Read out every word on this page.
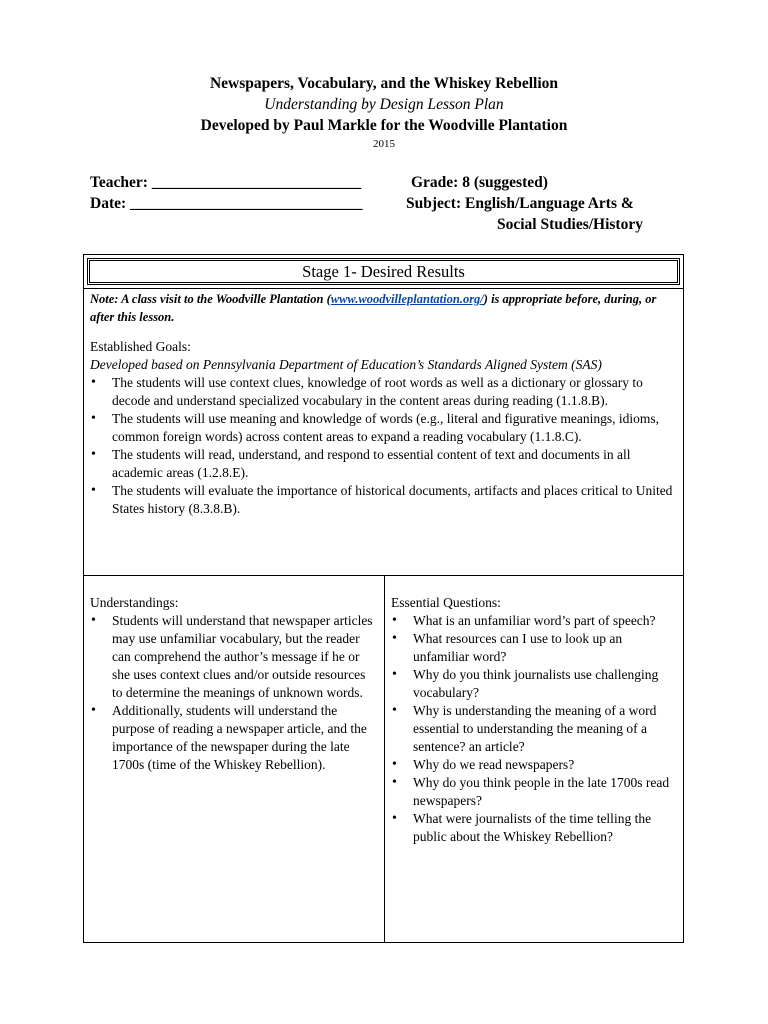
Newspapers, Vocabulary, and the Whiskey Rebellion
Understanding by Design Lesson Plan
Developed by Paul Markle for the Woodville Plantation
2015
Teacher: ___________________________
Date: ______________________________
Grade: 8 (suggested)
Subject: English/Language Arts &
Social Studies/History
Stage 1- Desired Results
Note: A class visit to the Woodville Plantation (www.woodvilleplantation.org/) is appropriate before, during, or after this lesson.
Established Goals:
Developed based on Pennsylvania Department of Education’s Standards Aligned System (SAS)
• The students will use context clues, knowledge of root words as well as a dictionary or glossary to decode and understand specialized vocabulary in the content areas during reading (1.1.8.B).
• The students will use meaning and knowledge of words (e.g., literal and figurative meanings, idioms, common foreign words) across content areas to expand a reading vocabulary (1.1.8.C).
• The students will read, understand, and respond to essential content of text and documents in all academic areas (1.2.8.E).
• The students will evaluate the importance of historical documents, artifacts and places critical to United States history (8.3.8.B).
Understandings:
• Students will understand that newspaper articles may use unfamiliar vocabulary, but the reader can comprehend the author’s message if he or she uses context clues and/or outside resources to determine the meanings of unknown words.
• Additionally, students will understand the purpose of reading a newspaper article, and the importance of the newspaper during the late 1700s (time of the Whiskey Rebellion).
Essential Questions:
• What is an unfamiliar word’s part of speech?
• What resources can I use to look up an unfamiliar word?
• Why do you think journalists use challenging vocabulary?
• Why is understanding the meaning of a word essential to understanding the meaning of a sentence? an article?
• Why do we read newspapers?
• Why do you think people in the late 1700s read newspapers?
• What were journalists of the time telling the public about the Whiskey Rebellion?
